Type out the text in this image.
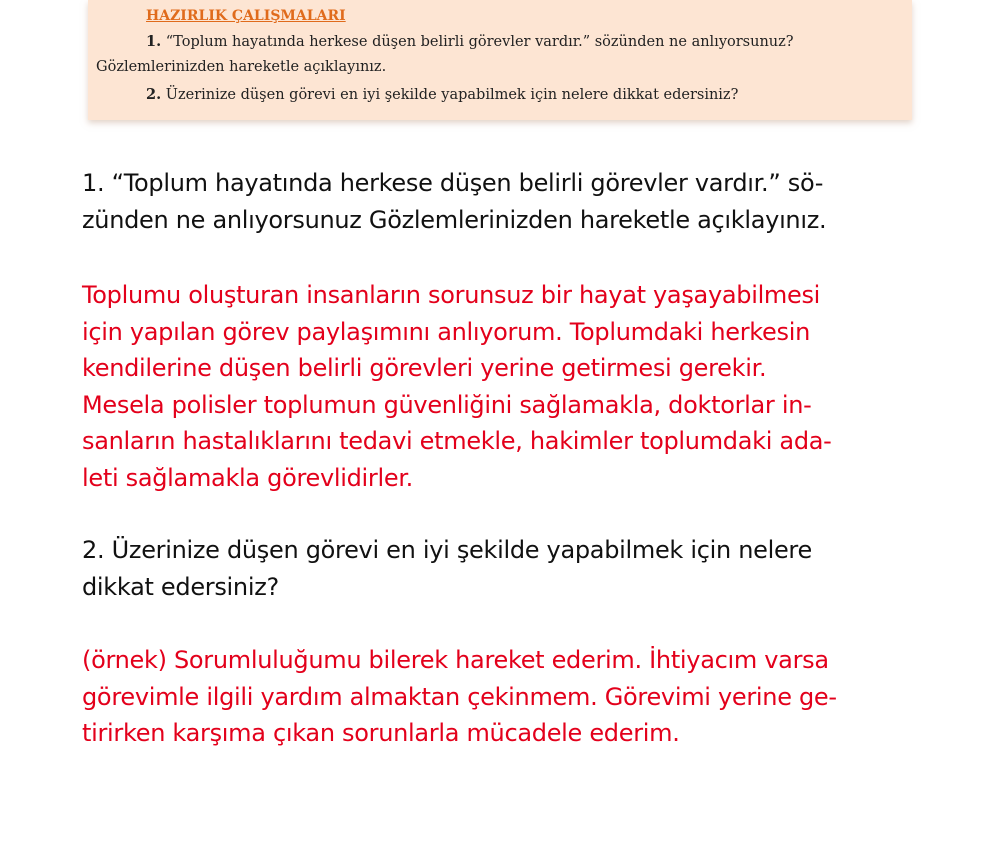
HAZIRLIK ÇALIŞMALARI
1. “Toplum hayatında herkese düşen belirli görevler vardır.” sözünden ne anlıyorsunuz?
Gözlemlerinizden hareketle açıklayınız.
2. Üzerinize düşen görevi en iyi şekilde yapabilmek için nelere dikkat edersiniz?
1. “Toplum hayatında herkese düşen belirli görevler vardır.” sö-
zünden ne anlıyorsunuz Gözlemlerinizden hareketle açıklayınız.
Toplumu oluşturan insanların sorunsuz bir hayat yaşayabilmesi
için yapılan görev paylaşımını anlıyorum. Toplumdaki herkesin
kendilerine düşen belirli görevleri yerine getirmesi gerekir.
Mesela polisler toplumun güvenliğini sağlamakla, doktorlar in-
sanların hastalıklarını tedavi etmekle, hakimler toplumdaki ada-
leti sağlamakla görevlidirler.
2. Üzerinize düşen görevi en iyi şekilde yapabilmek için nelere
dikkat edersiniz?
(örnek) Sorumluluğumu bilerek hareket ederim. İhtiyacım varsa
görevimle ilgili yardım almaktan çekinmem. Görevimi yerine ge-
tirirken karşıma çıkan sorunlarla mücadele ederim.
